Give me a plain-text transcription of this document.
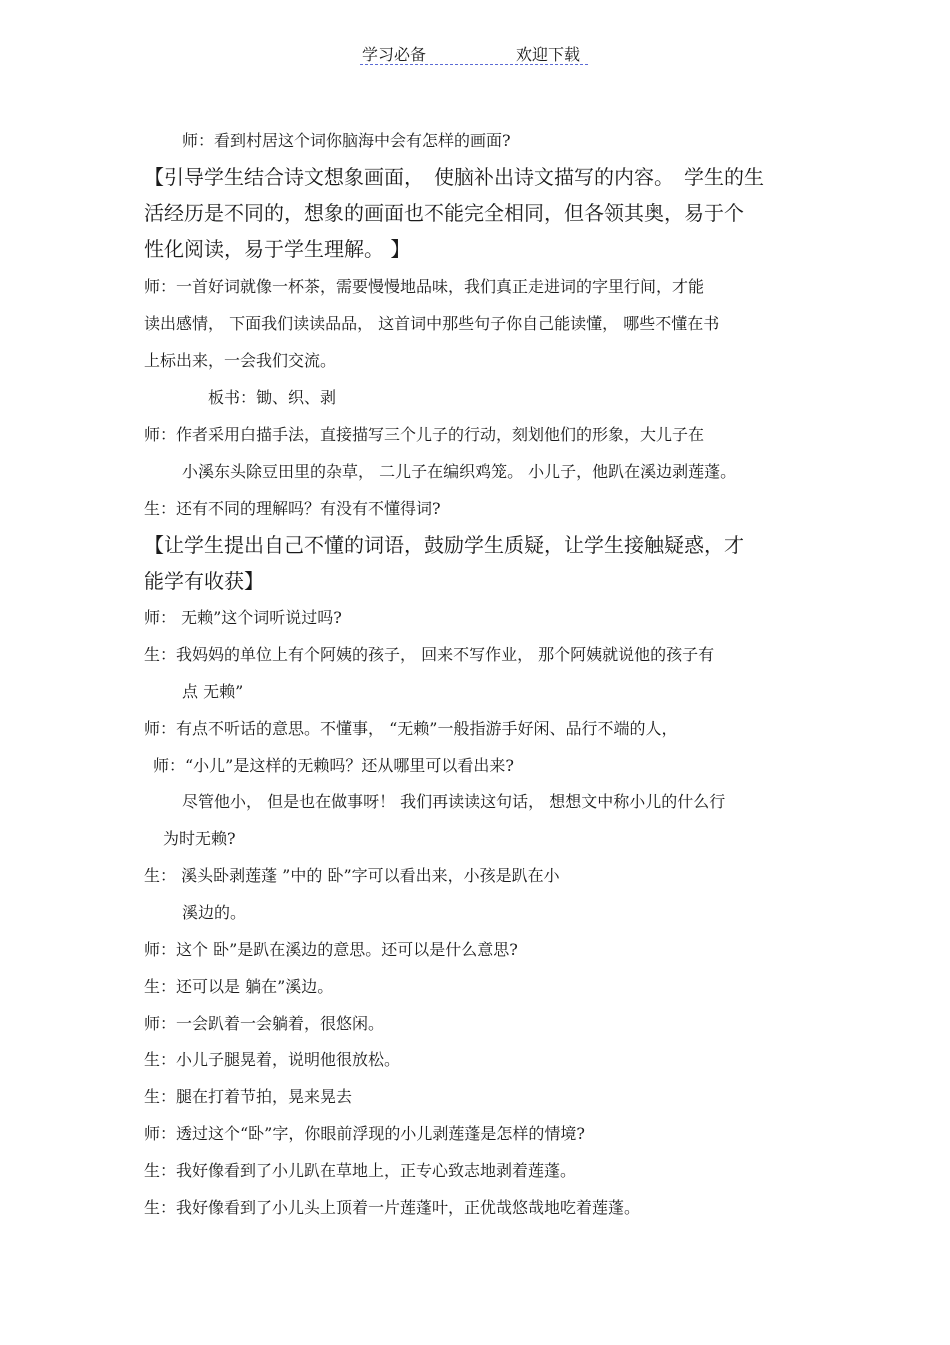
学习必备	欢迎下载
师：看到村居这个词你脑海中会有怎样的画面?
【引导学生结合诗文想象画面，　使脑补出诗文描写的内容。　学生的生
活经历是不同的，想象的画面也不能完全相同，但各领其奥，易于个
性化阅读，易于学生理解。 】
师：一首好词就像一杯茶，需要慢慢地品味，我们真正走进词的字里行间，才能
读出感情， 下面我们读读品品， 这首词中那些句子你自己能读懂， 哪些不懂在书
上标出来，一会我们交流。
板书：锄、织、剥
师：作者采用白描手法，直接描写三个儿子的行动，刻划他们的形象，大儿子在
小溪东头除豆田里的杂草， 二儿子在编织鸡笼。 小儿子，他趴在溪边剥莲蓬。
生：还有不同的理解吗？有没有不懂得词?
【让学生提出自己不懂的词语，鼓励学生质疑，让学生接触疑惑，才
能学有收获】
师： 无赖”这个词听说过吗?
生：我妈妈的单位上有个阿姨的孩子， 回来不写作业， 那个阿姨就说他的孩子有
点 无赖”
师：有点不听话的意思。不懂事， “无赖”一般指游手好闲、品行不端的人，
师：“小儿”是这样的无赖吗？还从哪里可以看出来?
尽管他小， 但是也在做事呀！ 我们再读读这句话， 想想文中称小儿的什么行
为时无赖?
生： 溪头卧剥莲蓬 ”中的 卧”字可以看出来，小孩是趴在小
溪边的。
师：这个 卧”是趴在溪边的意思。还可以是什么意思?
生：还可以是 躺在”溪边。
师：一会趴着一会躺着，很悠闲。
生：小儿子腿晃着，说明他很放松。
生：腿在打着节拍，晃来晃去
师：透过这个“卧”字，你眼前浮现的小儿剥莲蓬是怎样的情境?
生：我好像看到了小儿趴在草地上，正专心致志地剥着莲蓬。
生：我好像看到了小儿头上顶着一片莲蓬叶，正优哉悠哉地吃着莲蓬。
